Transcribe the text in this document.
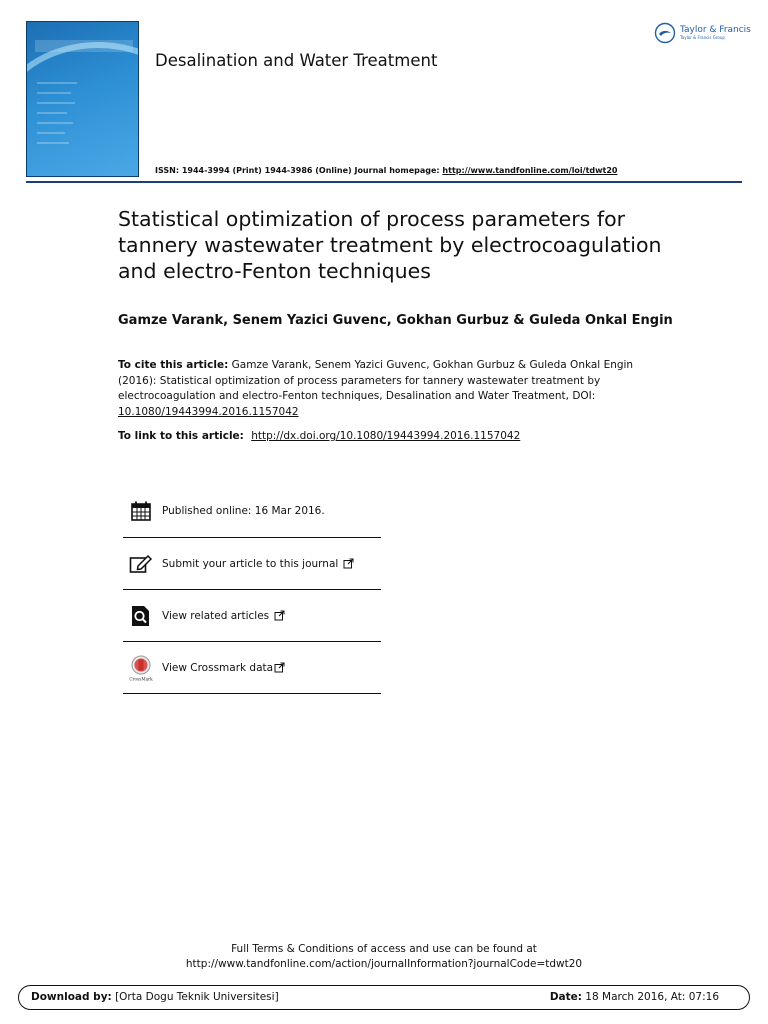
Desalination and Water Treatment
Taylor & Francis
Taylor & Francis Group
ISSN: 1944-3994 (Print) 1944-3986 (Online) Journal homepage: http://www.tandfonline.com/loi/tdwt20
Statistical optimization of process parameters for tannery wastewater treatment by electrocoagulation and electro-Fenton techniques
Gamze Varank, Senem Yazici Guvenc, Gokhan Gurbuz & Guleda Onkal Engin
To cite this article: Gamze Varank, Senem Yazici Guvenc, Gokhan Gurbuz & Guleda Onkal Engin (2016): Statistical optimization of process parameters for tannery wastewater treatment by electrocoagulation and electro-Fenton techniques, Desalination and Water Treatment, DOI: 10.1080/19443994.2016.1157042
To link to this article: http://dx.doi.org/10.1080/19443994.2016.1157042
Published online: 16 Mar 2016.
Submit your article to this journal
View related articles
CrossMark
View Crossmark data
Full Terms & Conditions of access and use can be found at
http://www.tandfonline.com/action/journalInformation?journalCode=tdwt20
Download by: [Orta Dogu Teknik Universitesi]	Date: 18 March 2016, At: 07:16
